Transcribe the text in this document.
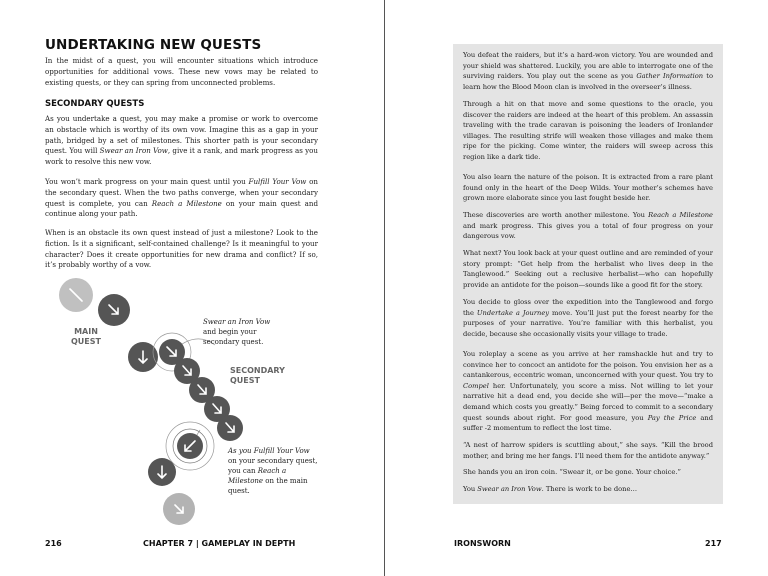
UNDERTAKING NEW QUESTS

In the midst of a quest, you will encounter situations which introduce opportunities for additional vows. These new vows may be related to existing quests, or they can spring from unconnected problems.

SECONDARY QUESTS

As you undertake a quest, you may make a promise or work to overcome an obstacle which is worthy of its own vow. Imagine this as a gap in your path, bridged by a set of milestones. This shorter path is your secondary quest. You will Swear an Iron Vow, give it a rank, and mark progress as you work to resolve this new vow.

You won’t mark progress on your main quest until you Fulfill Your Vow on the secondary quest. When the two paths converge, when your secondary quest is complete, you can Reach a Milestone on your main quest and continue along your path.

When is an obstacle its own quest instead of just a milestone? Look to the fiction. Is it a significant, self-contained challenge? Is it meaningful to your character? Does it create opportunities for new drama and conflict? If so, it’s probably worthy of a vow.

MAIN QUEST
SECONDARY QUEST
Swear an Iron Vow and begin your secondary quest.
As you Fulfill Your Vow on your secondary quest, you can Reach a Milestone on the main quest.
216	CHAPTER 7 | GAMEPLAY IN DEPTH

You defeat the raiders, but it’s a hard-won victory. You are wounded and your shield was shattered. Luckily, you are able to interrogate one of the surviving raiders. You play out the scene as you Gather Information to learn how the Blood Moon clan is involved in the overseer’s illness.

Through a hit on that move and some questions to the oracle, you discover the raiders are indeed at the heart of this problem. An assassin traveling with the trade caravan is poisoning the leaders of Ironlander villages. The resulting strife will weaken those villages and make them ripe for the picking. Come winter, the raiders will sweep across this region like a dark tide.

You also learn the nature of the poison. It is extracted from a rare plant found only in the heart of the Deep Wilds. Your mother’s schemes have grown more elaborate since you last fought beside her.

These discoveries are worth another milestone. You Reach a Milestone and mark progress. This gives you a total of four progress on your dangerous vow.

What next? You look back at your quest outline and are reminded of your story prompt: “Get help from the herbalist who lives deep in the Tanglewood.” Seeking out a reclusive herbalist—who can hopefully provide an antidote for the poison—sounds like a good fit for the story.

You decide to gloss over the expedition into the Tanglewood and forgo the Undertake a Journey move. You’ll just put the forest nearby for the purposes of your narrative. You’re familiar with this herbalist, you decide, because she occasionally visits your village to trade.

You roleplay a scene as you arrive at her ramshackle hut and try to convince her to concoct an antidote for the poison. You envision her as a cantankerous, eccentric woman, unconcerned with your quest. You try to Compel her. Unfortunately, you score a miss. Not willing to let your narrative hit a dead end, you decide she will—per the move—“make a demand which costs you greatly.” Being forced to commit to a secondary quest sounds about right. For good measure, you Pay the Price and suffer -2 momentum to reflect the lost time.

“A nest of harrow spiders is scuttling about,” she says. “Kill the brood mother, and bring me her fangs. I’ll need them for the antidote anyway.”

She hands you an iron coin. “Swear it, or be gone. Your choice.”

You Swear an Iron Vow. There is work to be done…

IRONSWORN	217
